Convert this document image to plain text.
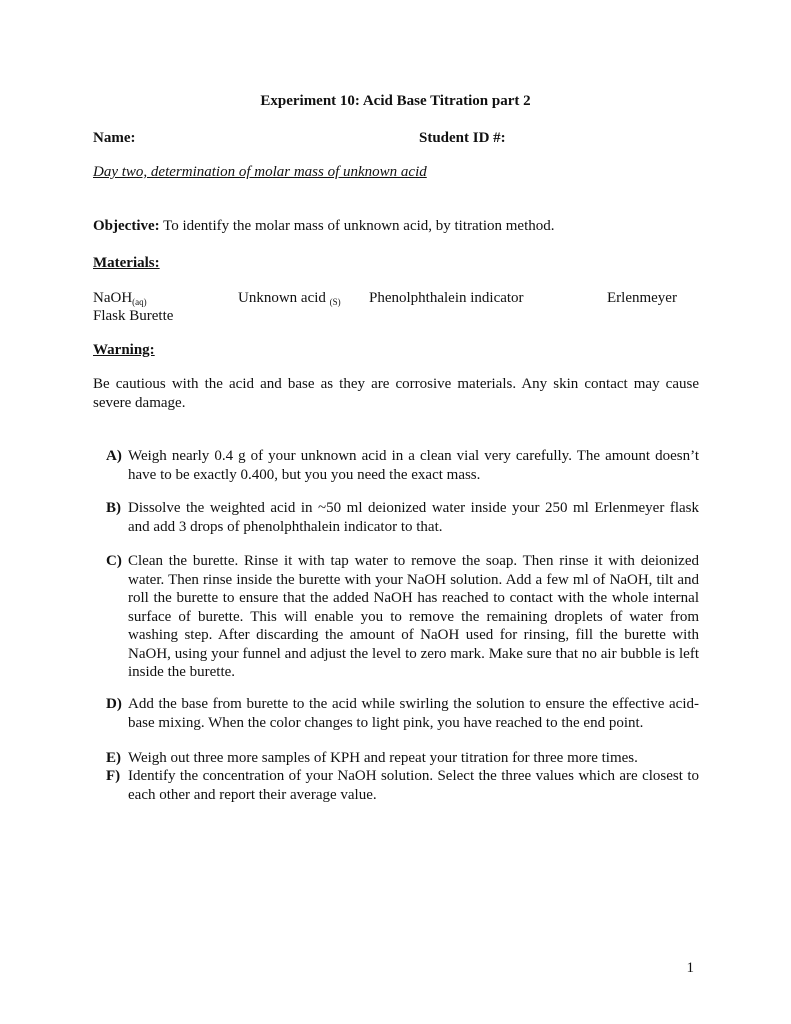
Experiment 10: Acid Base Titration part 2
Name:	Student ID #:
Day two, determination of molar mass of unknown acid
Objective: To identify the molar mass of unknown acid, by titration method.
Materials:
NaOH$_{(aq)}$	Unknown acid $_{(S)}$ Phenolphthalein indicator	Erlenmeyer
Flask Burette
Warning:
Be cautious with the acid and base as they are corrosive materials. Any skin contact may cause severe damage.
A) Weigh nearly 0.4 g of your unknown acid in a clean vial very carefully. The amount doesn’t have to be exactly 0.400, but you you need the exact mass.
B) Dissolve the weighted acid in ~50 ml deionized water inside your 250 ml Erlenmeyer flask and add 3 drops of phenolphthalein indicator to that.
C) Clean the burette. Rinse it with tap water to remove the soap. Then rinse it with deionized water. Then rinse inside the burette with your NaOH solution. Add a few ml of NaOH, tilt and roll the burette to ensure that the added NaOH has reached to contact with the whole internal surface of burette. This will enable you to remove the remaining droplets of water from washing step. After discarding the amount of NaOH used for rinsing, fill the burette with NaOH, using your funnel and adjust the level to zero mark. Make sure that no air bubble is left inside the burette.
D) Add the base from burette to the acid while swirling the solution to ensure the effective acid-base mixing. When the color changes to light pink, you have reached to the end point.
E) Weigh out three more samples of KPH and repeat your titration for three more times.
F) Identify the concentration of your NaOH solution. Select the three values which are closest to each other and report their average value.
1
